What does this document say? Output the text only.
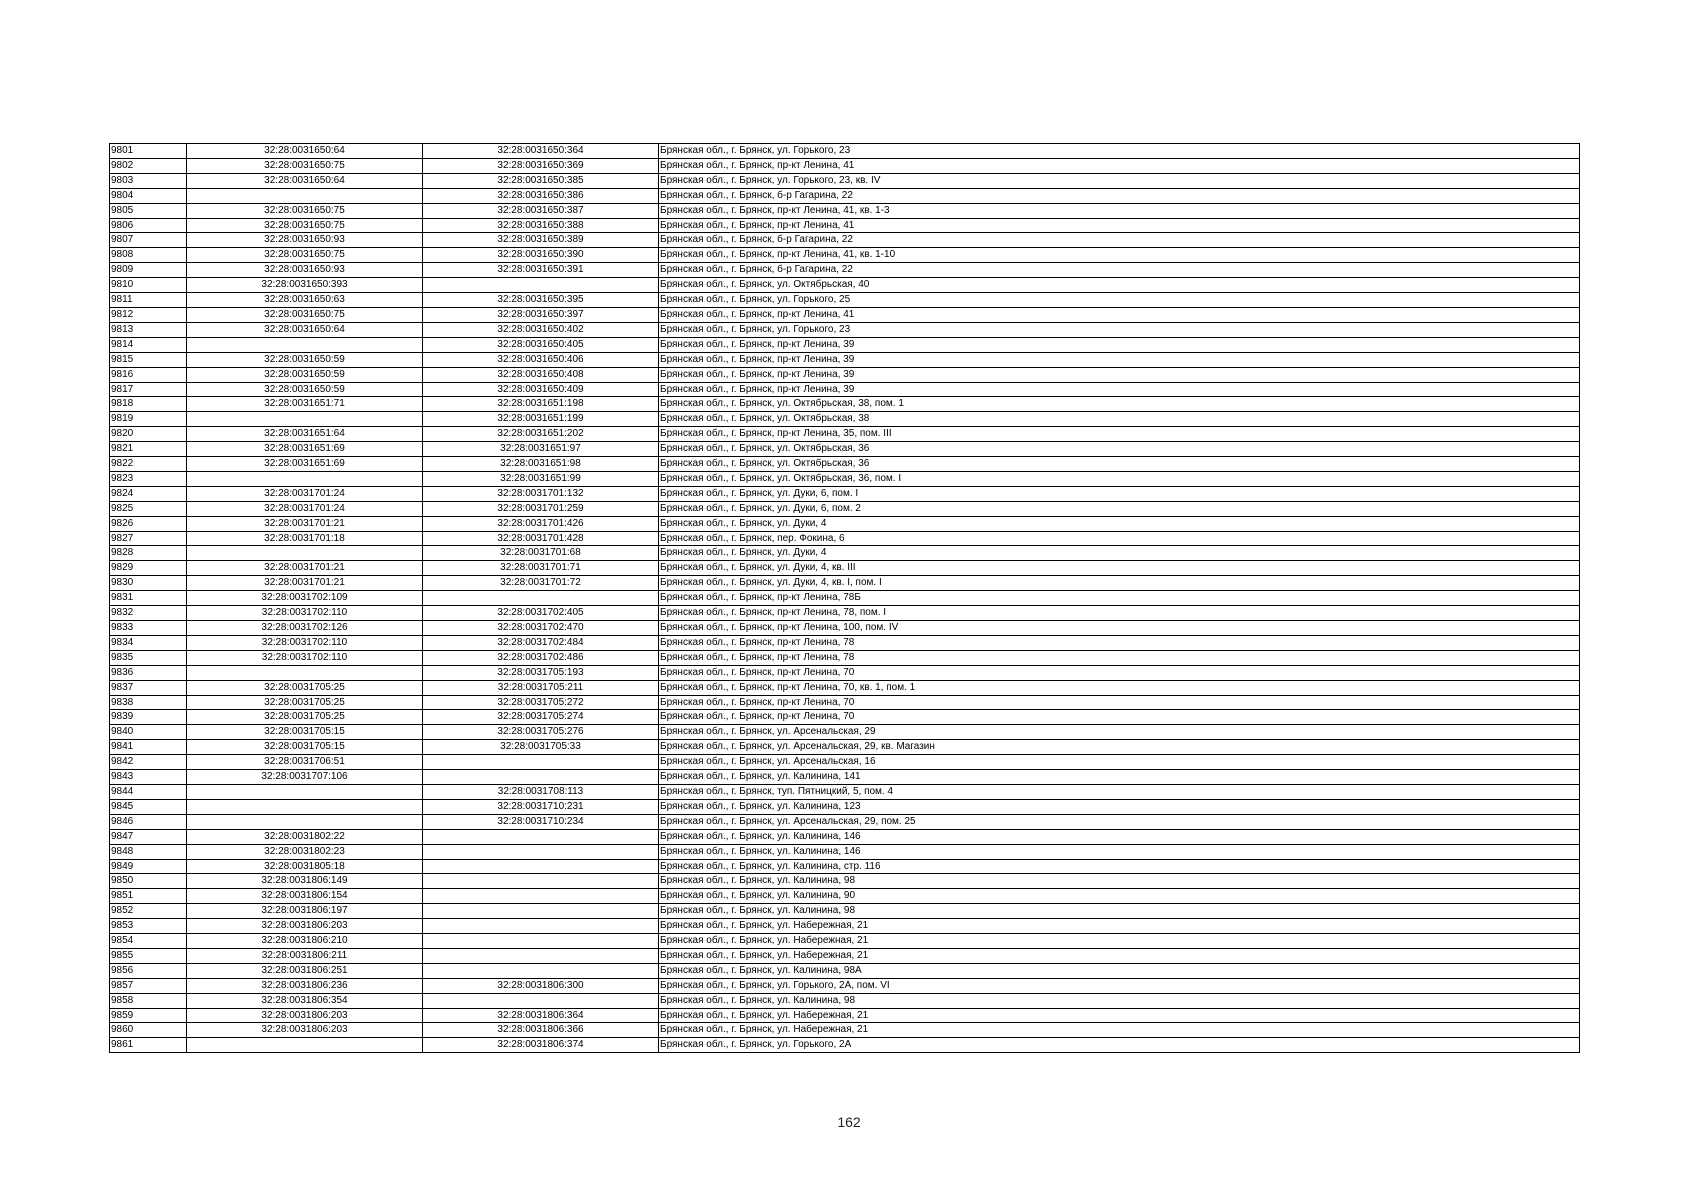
9801	32:28:0031650:64	32:28:0031650:364	Брянская обл., г. Брянск, ул. Горького, 23
9802	32:28:0031650:75	32:28:0031650:369	Брянская обл., г. Брянск, пр-кт Ленина, 41
9803	32:28:0031650:64	32:28:0031650:385	Брянская обл., г. Брянск, ул. Горького, 23, кв. IV
9804		32:28:0031650:386	Брянская обл., г. Брянск, б-р Гагарина, 22
9805	32:28:0031650:75	32:28:0031650:387	Брянская обл., г. Брянск, пр-кт Ленина, 41, кв. 1-3
9806	32:28:0031650:75	32:28:0031650:388	Брянская обл., г. Брянск, пр-кт Ленина, 41
9807	32:28:0031650:93	32:28:0031650:389	Брянская обл., г. Брянск, б-р Гагарина, 22
9808	32:28:0031650:75	32:28:0031650:390	Брянская обл., г. Брянск, пр-кт Ленина, 41, кв. 1-10
9809	32:28:0031650:93	32:28:0031650:391	Брянская обл., г. Брянск, б-р Гагарина, 22
9810	32:28:0031650:393		Брянская обл., г. Брянск, ул. Октябрьская, 40
9811	32:28:0031650:63	32:28:0031650:395	Брянская обл., г. Брянск, ул. Горького, 25
9812	32:28:0031650:75	32:28:0031650:397	Брянская обл., г. Брянск, пр-кт Ленина, 41
9813	32:28:0031650:64	32:28:0031650:402	Брянская обл., г. Брянск, ул. Горького, 23
9814		32:28:0031650:405	Брянская обл., г. Брянск, пр-кт Ленина, 39
9815	32:28:0031650:59	32:28:0031650:406	Брянская обл., г. Брянск, пр-кт Ленина, 39
9816	32:28:0031650:59	32:28:0031650:408	Брянская обл., г. Брянск, пр-кт Ленина, 39
9817	32:28:0031650:59	32:28:0031650:409	Брянская обл., г. Брянск, пр-кт Ленина, 39
9818	32:28:0031651:71	32:28:0031651:198	Брянская обл., г. Брянск, ул. Октябрьская, 38, пом. 1
9819		32:28:0031651:199	Брянская обл., г. Брянск, ул. Октябрьская, 38
9820	32:28:0031651:64	32:28:0031651:202	Брянская обл., г. Брянск, пр-кт Ленина, 35, пом. III
9821	32:28:0031651:69	32:28:0031651:97	Брянская обл., г. Брянск, ул. Октябрьская, 36
9822	32:28:0031651:69	32:28:0031651:98	Брянская обл., г. Брянск, ул. Октябрьская, 36
9823		32:28:0031651:99	Брянская обл., г. Брянск, ул. Октябрьская, 36, пом. I
9824	32:28:0031701:24	32:28:0031701:132	Брянская обл., г. Брянск, ул. Дуки, 6, пом. I
9825	32:28:0031701:24	32:28:0031701:259	Брянская обл., г. Брянск, ул. Дуки, 6, пом. 2
9826	32:28:0031701:21	32:28:0031701:426	Брянская обл., г. Брянск, ул. Дуки, 4
9827	32:28:0031701:18	32:28:0031701:428	Брянская обл., г. Брянск, пер. Фокина, 6
9828		32:28:0031701:68	Брянская обл., г. Брянск, ул. Дуки, 4
9829	32:28:0031701:21	32:28:0031701:71	Брянская обл., г. Брянск, ул. Дуки, 4, кв. III
9830	32:28:0031701:21	32:28:0031701:72	Брянская обл., г. Брянск, ул. Дуки, 4, кв. I, пом. I
9831	32:28:0031702:109		Брянская обл., г. Брянск, пр-кт Ленина, 78Б
9832	32:28:0031702:110	32:28:0031702:405	Брянская обл., г. Брянск, пр-кт Ленина, 78, пом. I
9833	32:28:0031702:126	32:28:0031702:470	Брянская обл., г. Брянск, пр-кт Ленина, 100, пом. IV
9834	32:28:0031702:110	32:28:0031702:484	Брянская обл., г. Брянск, пр-кт Ленина, 78
9835	32:28:0031702:110	32:28:0031702:486	Брянская обл., г. Брянск, пр-кт Ленина, 78
9836		32:28:0031705:193	Брянская обл., г. Брянск, пр-кт Ленина, 70
9837	32:28:0031705:25	32:28:0031705:211	Брянская обл., г. Брянск, пр-кт Ленина, 70, кв. 1, пом. 1
9838	32:28:0031705:25	32:28:0031705:272	Брянская обл., г. Брянск, пр-кт Ленина, 70
9839	32:28:0031705:25	32:28:0031705:274	Брянская обл., г. Брянск, пр-кт Ленина, 70
9840	32:28:0031705:15	32:28:0031705:276	Брянская обл., г. Брянск, ул. Арсенальская, 29
9841	32:28:0031705:15	32:28:0031705:33	Брянская обл., г. Брянск, ул. Арсенальская, 29, кв. Магазин
9842	32:28:0031706:51		Брянская обл., г. Брянск, ул. Арсенальская, 16
9843	32:28:0031707:106		Брянская обл., г. Брянск, ул. Калинина, 141
9844		32:28:0031708:113	Брянская обл., г. Брянск, туп. Пятницкий, 5, пом. 4
9845		32:28:0031710:231	Брянская обл., г. Брянск, ул. Калинина, 123
9846		32:28:0031710:234	Брянская обл., г. Брянск, ул. Арсенальская, 29, пом. 25
9847	32:28:0031802:22		Брянская обл., г. Брянск, ул. Калинина, 146
9848	32:28:0031802:23		Брянская обл., г. Брянск, ул. Калинина, 146
9849	32:28:0031805:18		Брянская обл., г. Брянск, ул. Калинина, стр. 116
9850	32:28:0031806:149		Брянская обл., г. Брянск, ул. Калинина, 98
9851	32:28:0031806:154		Брянская обл., г. Брянск, ул. Калинина, 90
9852	32:28:0031806:197		Брянская обл., г. Брянск, ул. Калинина, 98
9853	32:28:0031806:203		Брянская обл., г. Брянск, ул. Набережная, 21
9854	32:28:0031806:210		Брянская обл., г. Брянск, ул. Набережная, 21
9855	32:28:0031806:211		Брянская обл., г. Брянск, ул. Набережная, 21
9856	32:28:0031806:251		Брянская обл., г. Брянск, ул. Калинина, 98А
9857	32:28:0031806:236	32:28:0031806:300	Брянская обл., г. Брянск, ул. Горького, 2А, пом. VI
9858	32:28:0031806:354		Брянская обл., г. Брянск, ул. Калинина, 98
9859	32:28:0031806:203	32:28:0031806:364	Брянская обл., г. Брянск, ул. Набережная, 21
9860	32:28:0031806:203	32:28:0031806:366	Брянская обл., г. Брянск, ул. Набережная, 21
9861		32:28:0031806:374	Брянская обл., г. Брянск, ул. Горького, 2А
162
